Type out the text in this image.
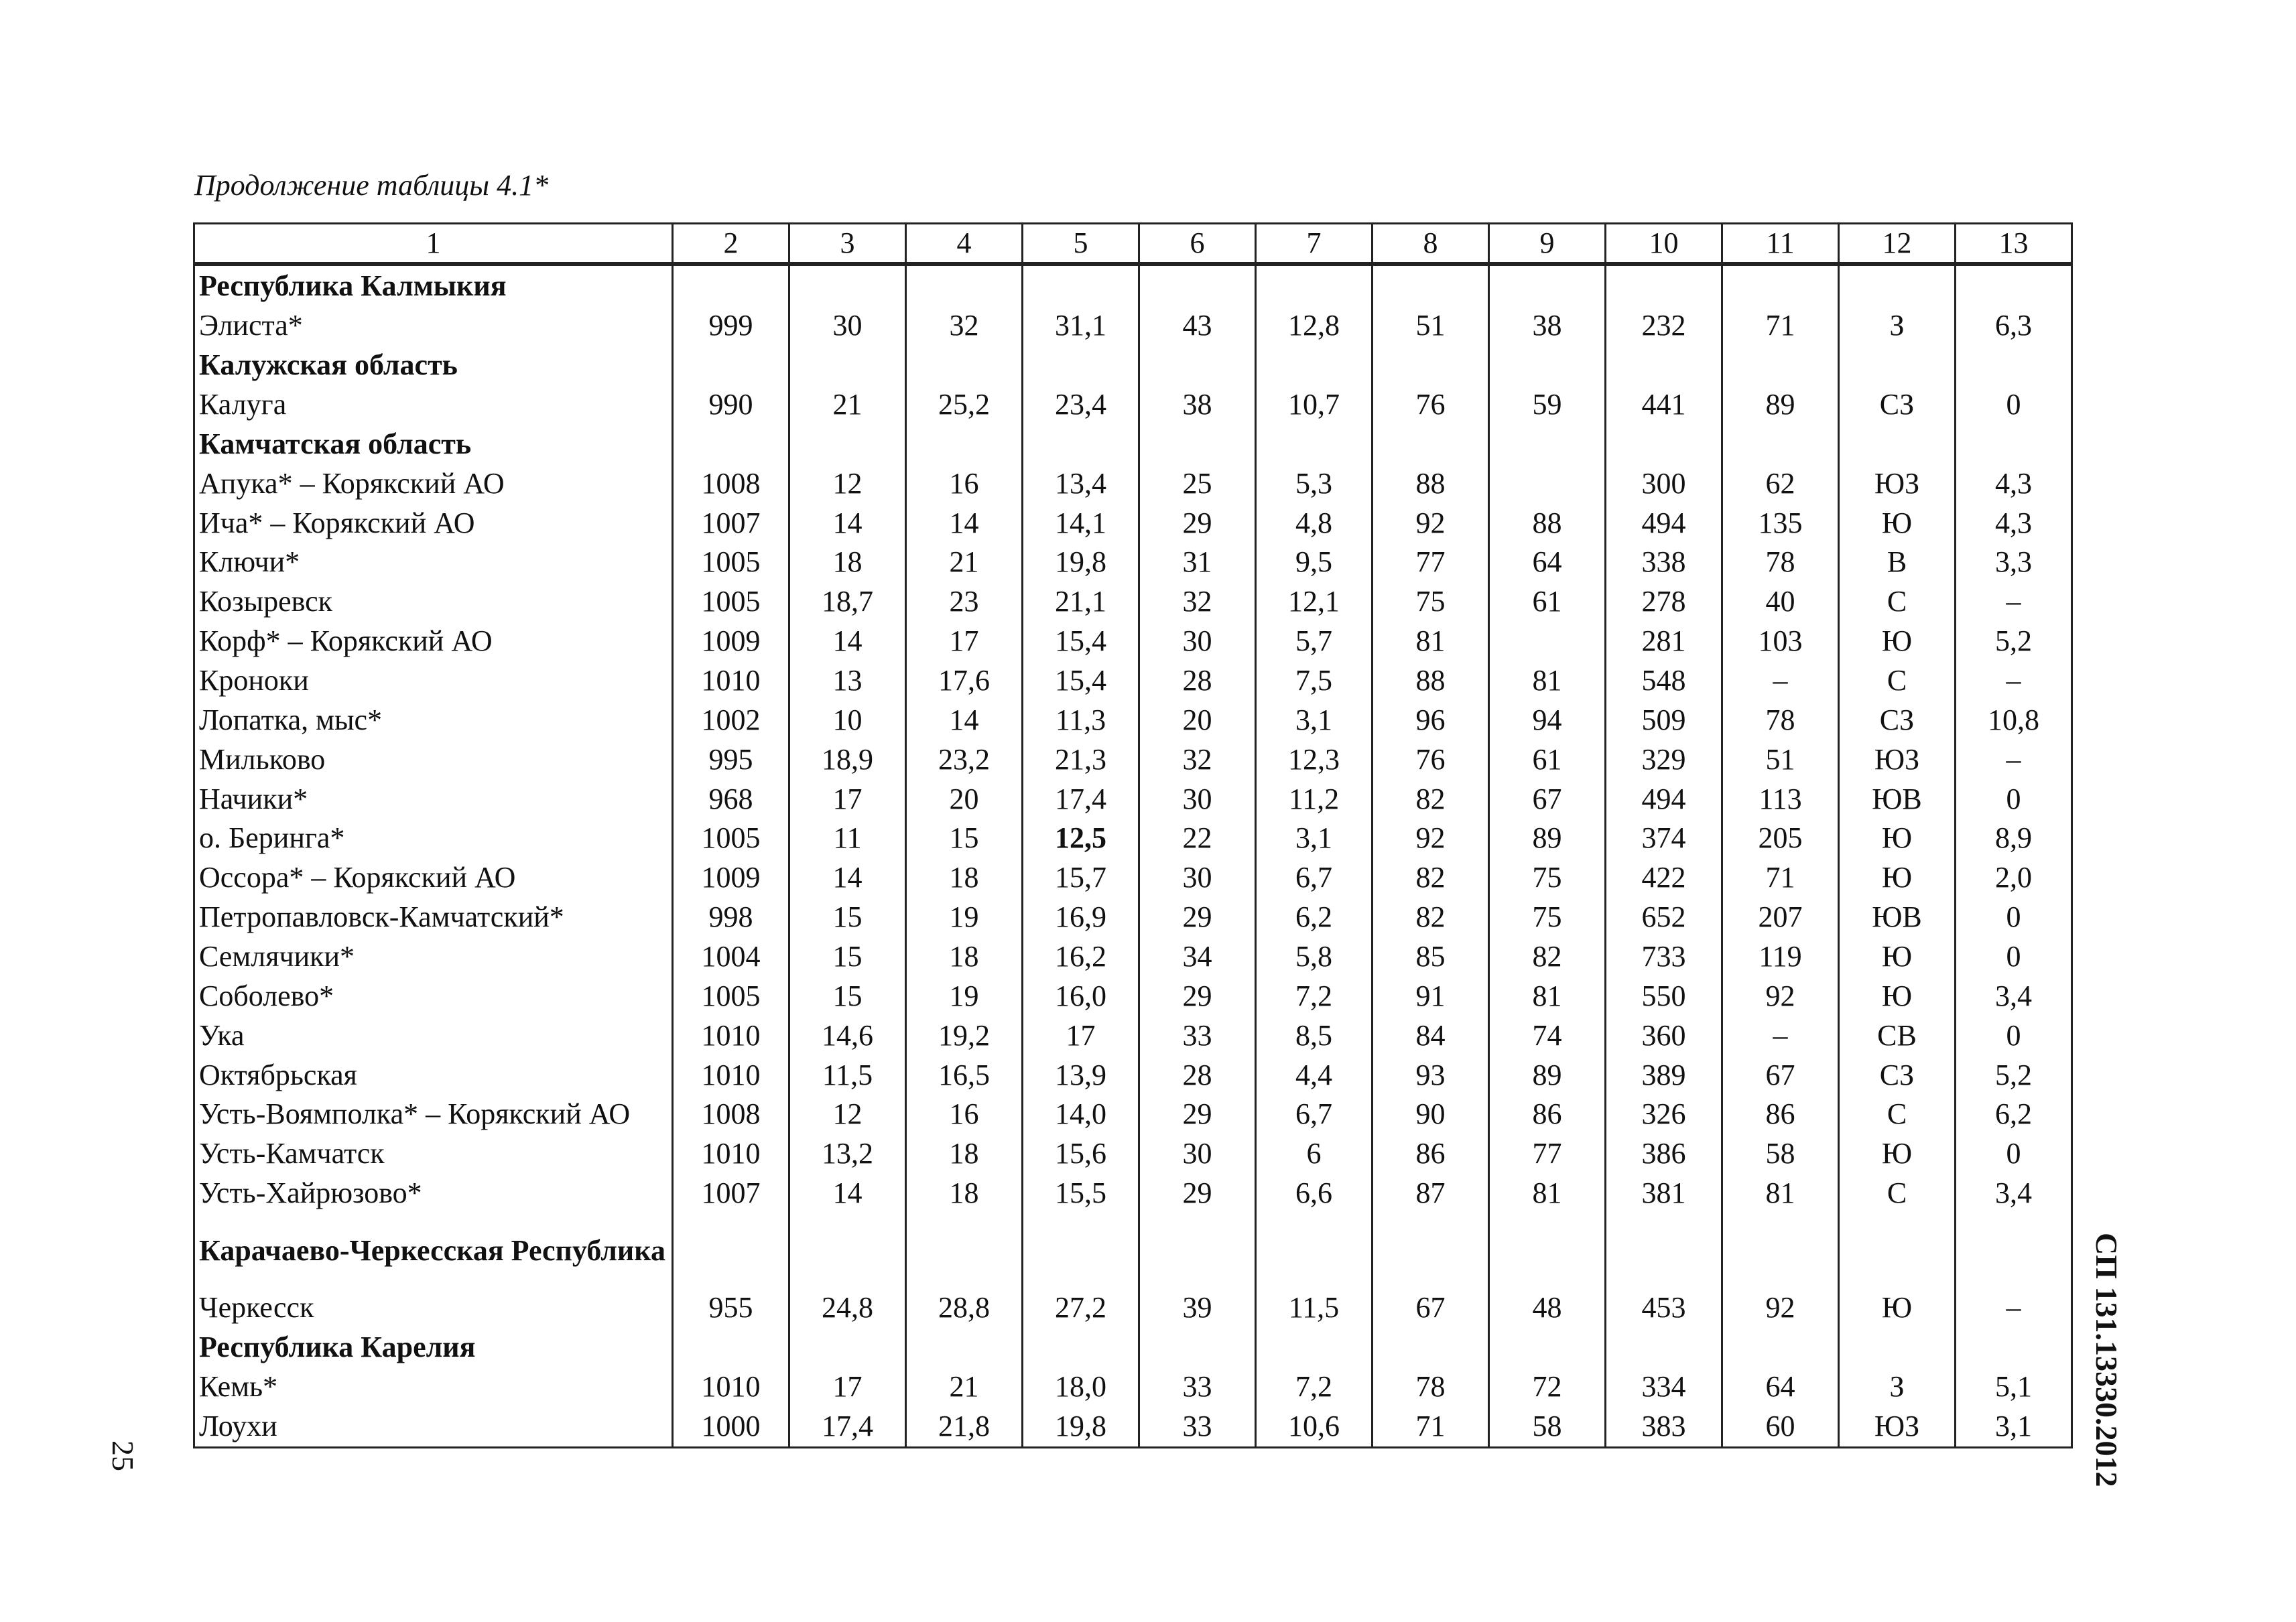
Продолжение таблицы 4.1*
1	2	3	4	5	6	7	8	9	10	11	12	13
Республика Калмыкия												
Элиста*	999	30	32	31,1	43	12,8	51	38	232	71	З	6,3
Калужская область												
Калуга	990	21	25,2	23,4	38	10,7	76	59	441	89	СЗ	0
Камчатская область												
Апука* – Корякский АО	1008	12	16	13,4	25	5,3	88		300	62	ЮЗ	4,3
Ича* – Корякский АО	1007	14	14	14,1	29	4,8	92	88	494	135	Ю	4,3
Ключи*	1005	18	21	19,8	31	9,5	77	64	338	78	В	3,3
Козыревск	1005	18,7	23	21,1	32	12,1	75	61	278	40	С	–
Корф* – Корякский АО	1009	14	17	15,4	30	5,7	81		281	103	Ю	5,2
Кроноки	1010	13	17,6	15,4	28	7,5	88	81	548	–	С	–
Лопатка, мыс*	1002	10	14	11,3	20	3,1	96	94	509	78	СЗ	10,8
Мильково	995	18,9	23,2	21,3	32	12,3	76	61	329	51	ЮЗ	–
Начики*	968	17	20	17,4	30	11,2	82	67	494	113	ЮВ	0
о. Беринга*	1005	11	15	12,5	22	3,1	92	89	374	205	Ю	8,9
Оссора* – Корякский АО	1009	14	18	15,7	30	6,7	82	75	422	71	Ю	2,0
Петропавловск-Камчатский*	998	15	19	16,9	29	6,2	82	75	652	207	ЮВ	0
Семлячики*	1004	15	18	16,2	34	5,8	85	82	733	119	Ю	0
Соболево*	1005	15	19	16,0	29	7,2	91	81	550	92	Ю	3,4
Ука	1010	14,6	19,2	17	33	8,5	84	74	360	–	СВ	0
Октябрьская	1010	11,5	16,5	13,9	28	4,4	93	89	389	67	СЗ	5,2
Усть-Воямполка* – Корякский АО	1008	12	16	14,0	29	6,7	90	86	326	86	С	6,2
Усть-Камчатск	1010	13,2	18	15,6	30	6	86	77	386	58	Ю	0
Усть-Хайрюзово*	1007	14	18	15,5	29	6,6	87	81	381	81	С	3,4
Карачаево-Черкесская Республика												
Черкесск	955	24,8	28,8	27,2	39	11,5	67	48	453	92	Ю	–
Республика Карелия												
Кемь*	1010	17	21	18,0	33	7,2	78	72	334	64	З	5,1
Лоухи	1000	17,4	21,8	19,8	33	10,6	71	58	383	60	ЮЗ	3,1
25	СП 131.13330.2012
